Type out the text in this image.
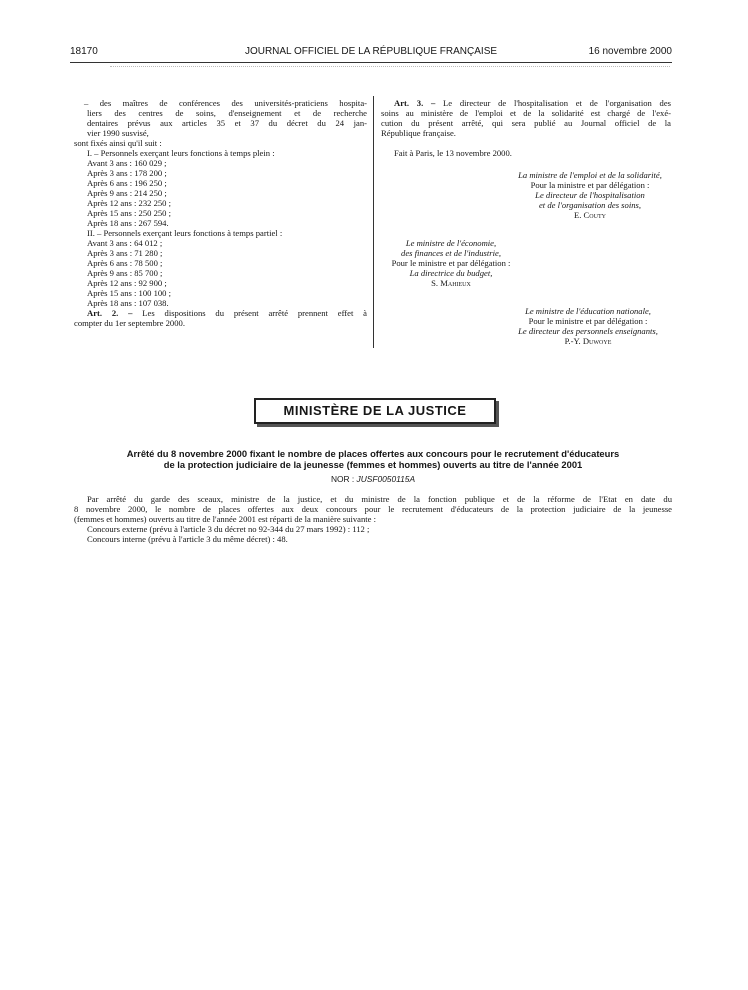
18170	JOURNAL OFFICIEL DE LA RÉPUBLIQUE FRANÇAISE	16 novembre 2000
– des maîtres de conférences des universités-praticiens hospita-
liers des centres de soins, d'enseignement et de recherche
dentaires prévus aux articles 35 et 37 du décret du 24 jan-
vier 1990 susvisé,
sont fixés ainsi qu'il suit :
I. – Personnels exerçant leurs fonctions à temps plein :
Avant 3 ans : 160 029 ;
Après 3 ans : 178 200 ;
Après 6 ans : 196 250 ;
Après 9 ans : 214 250 ;
Après 12 ans : 232 250 ;
Après 15 ans : 250 250 ;
Après 18 ans : 267 594.
II. – Personnels exerçant leurs fonctions à temps partiel :
Avant 3 ans : 64 012 ;
Après 3 ans : 71 280 ;
Après 6 ans : 78 500 ;
Après 9 ans : 85 700 ;
Après 12 ans : 92 900 ;
Après 15 ans : 100 100 ;
Après 18 ans : 107 038.
Art. 2. – Les dispositions du présent arrêté prennent effet à
compter du 1er septembre 2000.
Art. 3. – Le directeur de l'hospitalisation et de l'organisation des
soins au ministère de l'emploi et de la solidarité est chargé de l'exé-
cution du présent arrêté, qui sera publié au Journal officiel de la
République française.
Fait à Paris, le 13 novembre 2000.
La ministre de l'emploi et de la solidarité,
Pour la ministre et par délégation :
Le directeur de l'hospitalisation
et de l'organisation des soins,
E. Couty
Le ministre de l'économie,
des finances et de l'industrie,
Pour le ministre et par délégation :
La directrice du budget,
S. Mahieux
Le ministre de l'éducation nationale,
Pour le ministre et par délégation :
Le directeur des personnels enseignants,
P.-Y. Duwoye
MINISTÈRE DE LA JUSTICE
Arrêté du 8 novembre 2000 fixant le nombre de places offertes aux concours pour le recrutement d'éducateurs
de la protection judiciaire de la jeunesse (femmes et hommes) ouverts au titre de l'année 2001
NOR : JUSF0050115A
Par arrêté du garde des sceaux, ministre de la justice, et du ministre de la fonction publique et de la réforme de l'Etat en date du
8 novembre 2000, le nombre de places offertes aux deux concours pour le recrutement d'éducateurs de la protection judiciaire de la jeunesse
(femmes et hommes) ouverts au titre de l'année 2001 est réparti de la manière suivante :
Concours externe (prévu à l'article 3 du décret no 92-344 du 27 mars 1992) : 112 ;
Concours interne (prévu à l'article 3 du même décret) : 48.
